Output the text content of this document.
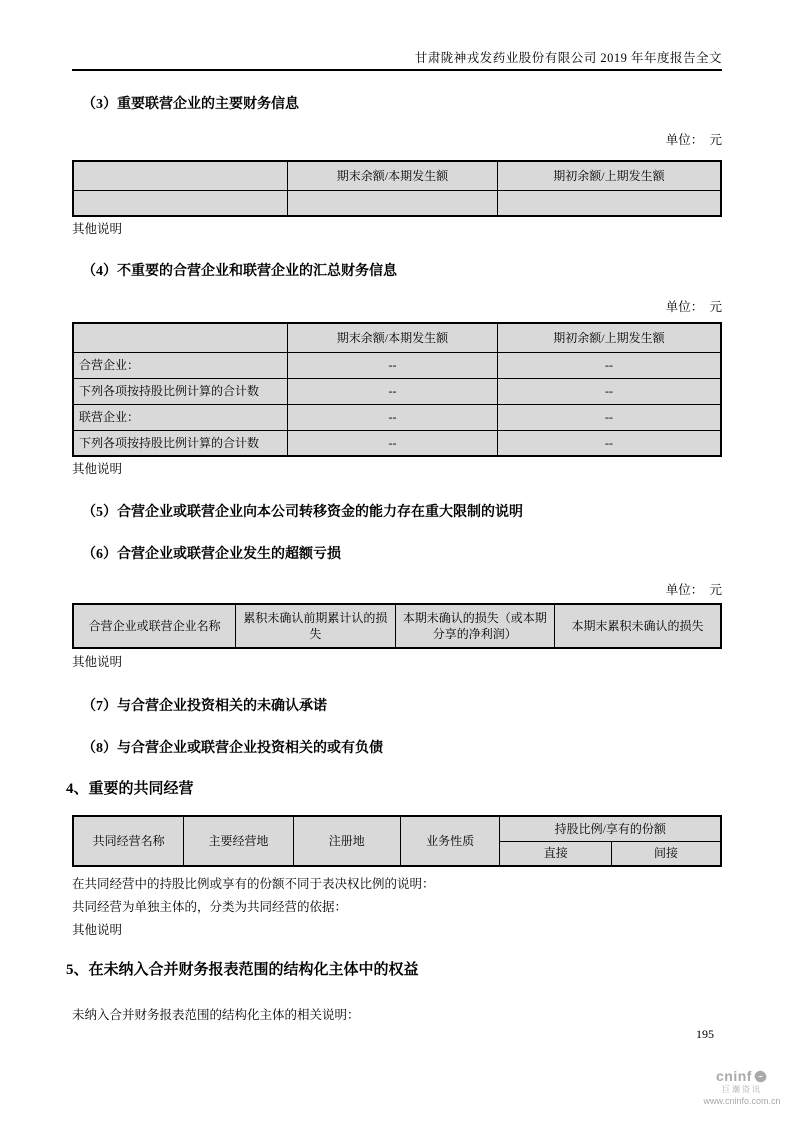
甘肃陇神戎发药业股份有限公司 2019 年年度报告全文
（3）重要联营企业的主要财务信息
单位：　元
	期末余额/本期发生额	期初余额/上期发生额

其他说明
（4）不重要的合营企业和联营企业的汇总财务信息
单位：　元
	期末余额/本期发生额	期初余额/上期发生额
合营企业：	--	--
下列各项按持股比例计算的合计数	--	--
联营企业：	--	--
下列各项按持股比例计算的合计数	--	--
其他说明
（5）合营企业或联营企业向本公司转移资金的能力存在重大限制的说明
（6）合营企业或联营企业发生的超额亏损
单位：　元
合营企业或联营企业名称	累积未确认前期累计认的损失	本期未确认的损失（或本期分享的净利润）	本期末累积未确认的损失
其他说明
（7）与合营企业投资相关的未确认承诺
（8）与合营企业或联营企业投资相关的或有负债
4、重要的共同经营
共同经营名称	主要经营地	注册地	业务性质	持股比例/享有的份额	
				直接	间接
在共同经营中的持股比例或享有的份额不同于表决权比例的说明：
共同经营为单独主体的，分类为共同经营的依据：
其他说明
5、在未纳入合并财务报表范围的结构化主体中的权益
未纳入合并财务报表范围的结构化主体的相关说明：
195
cninf
巨潮资讯
www.cninfo.com.cn
